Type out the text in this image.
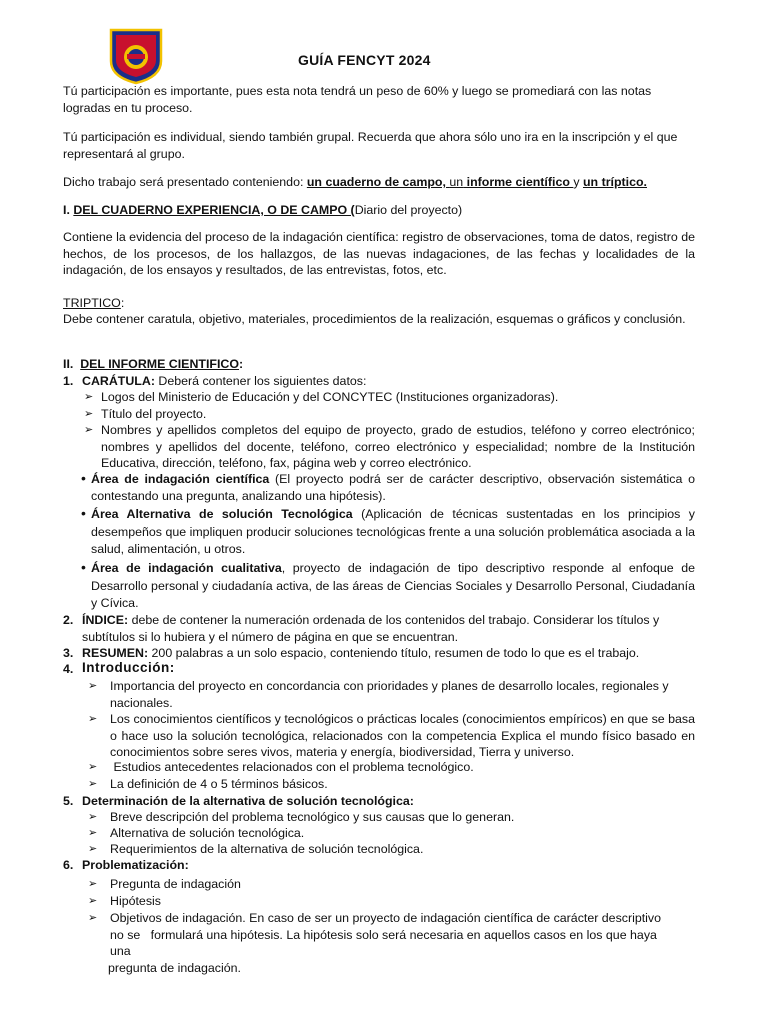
GUÍA FENCYT 2024
Tú participación es importante, pues esta nota tendrá un peso de 60% y luego se promediará con las notas logradas en tu proceso.
Tú participación es individual, siendo también grupal. Recuerda que ahora sólo uno ira en la inscripción y el que representará al grupo.
Dicho trabajo será presentado conteniendo: un cuaderno de campo, un informe científico y un tríptico.
I. DEL CUADERNO EXPERIENCIA, O DE CAMPO (Diario del proyecto)
Contiene la evidencia del proceso de la indagación científica: registro de observaciones, toma de datos, registro de hechos, de los procesos, de los hallazgos, de las nuevas indagaciones, de las fechas y localidades de la indagación, de los ensayos y resultados, de las entrevistas, fotos, etc.
TRIPTICO:
Debe contener caratula, objetivo, materiales, procedimientos de la realización, esquemas o gráficos y conclusión.
II. DEL INFORME CIENTIFICO:
1. CARÁTULA: Deberá contener los siguientes datos:
➢ Logos del Ministerio de Educación y del CONCYTEC (Instituciones organizadoras).
➢ Título del proyecto.
➢ Nombres y apellidos completos del equipo de proyecto, grado de estudios, teléfono y correo electrónico; nombres y apellidos del docente, teléfono, correo electrónico y especialidad; nombre de la Institución Educativa, dirección, teléfono, fax, página web y correo electrónico.
• Área de indagación científica (El proyecto podrá ser de carácter descriptivo, observación sistemática o contestando una pregunta, analizando una hipótesis).
• Área Alternativa de solución Tecnológica (Aplicación de técnicas sustentadas en los principios y desempeños que impliquen producir soluciones tecnológicas frente a una solución problemática asociada a la salud, alimentación, u otros.
• Área de indagación cualitativa, proyecto de indagación de tipo descriptivo responde al enfoque de Desarrollo personal y ciudadanía activa, de las áreas de Ciencias Sociales y Desarrollo Personal, Ciudadanía y Cívica.
2. ÍNDICE: debe de contener la numeración ordenada de los contenidos del trabajo. Considerar los títulos y subtítulos si lo hubiera y el número de página en que se encuentran.
3. RESUMEN: 200 palabras a un solo espacio, conteniendo título, resumen de todo lo que es el trabajo.
4. Introducción:
➢ Importancia del proyecto en concordancia con prioridades y planes de desarrollo locales, regionales y nacionales.
➢ Los conocimientos científicos y tecnológicos o prácticas locales (conocimientos empíricos) en que se basa o hace uso la solución tecnológica, relacionados con la competencia Explica el mundo físico basado en conocimientos sobre seres vivos, materia y energía, biodiversidad, Tierra y universo.
➢ Estudios antecedentes relacionados con el problema tecnológico.
➢ La definición de 4 o 5 términos básicos.
5. Determinación de la alternativa de solución tecnológica:
➢ Breve descripción del problema tecnológico y sus causas que lo generan.
➢ Alternativa de solución tecnológica.
➢ Requerimientos de la alternativa de solución tecnológica.
6. Problematización:
➢ Pregunta de indagación
➢ Hipótesis
➢ Objetivos de indagación. En caso de ser un proyecto de indagación científica de carácter descriptivo
no se   formulará una hipótesis. La hipótesis solo será necesaria en aquellos casos en los que haya
una
pregunta de indagación.
